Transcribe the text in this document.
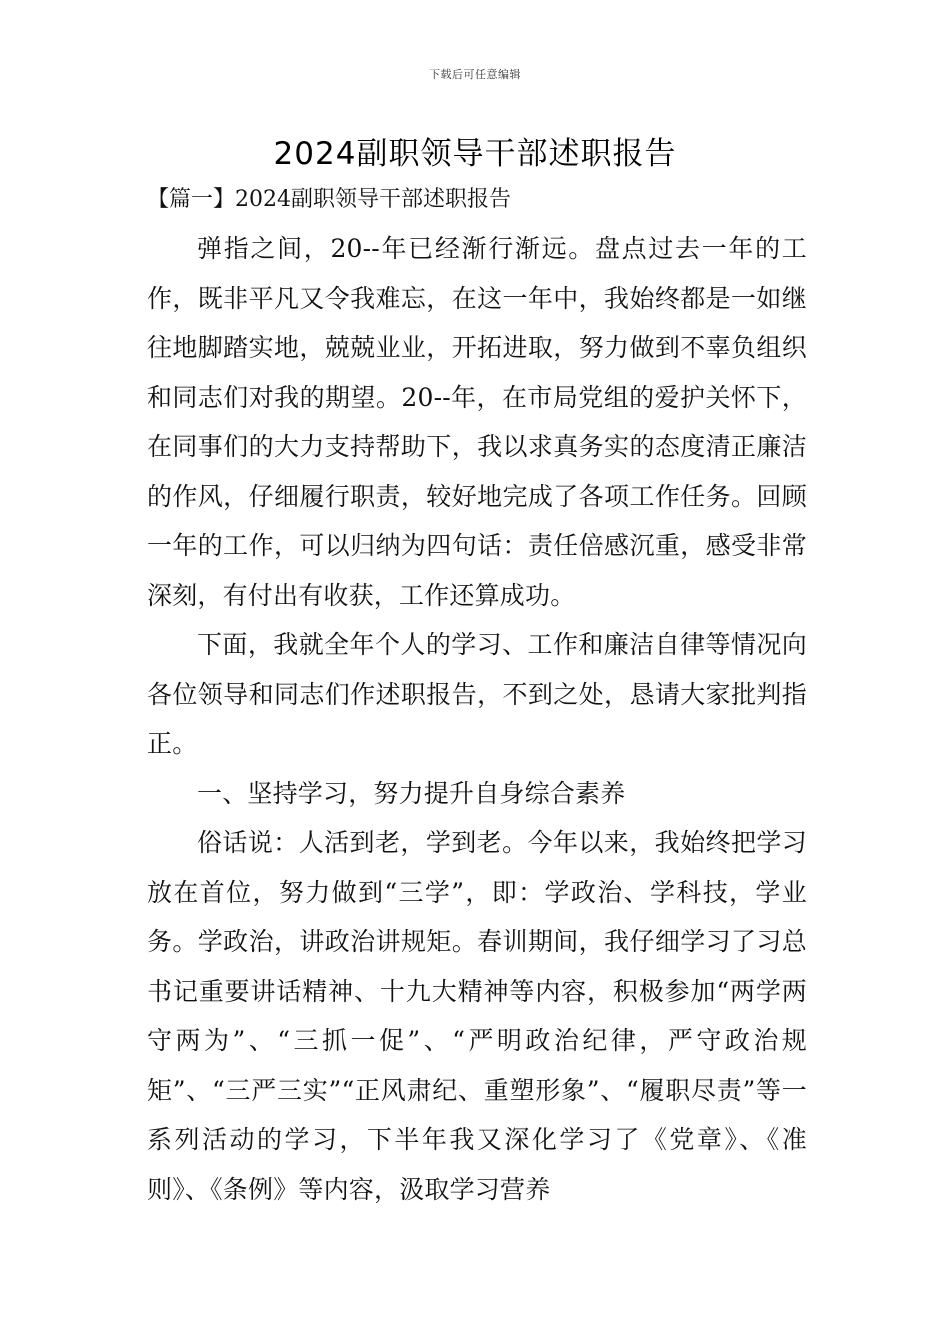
下载后可任意编辑
2024副职领导干部述职报告

【篇一】2024副职领导干部述职报告

弹指之间，20--年已经渐行渐远。盘点过去一年的工作，既非平凡又令我难忘，在这一年中，我始终都是一如继往地脚踏实地，兢兢业业，开拓进取，努力做到不辜负组织和同志们对我的期望。20--年，在市局党组的爱护关怀下，在同事们的大力支持帮助下，我以求真务实的态度清正廉洁的作风，仔细履行职责，较好地完成了各项工作任务。回顾一年的工作，可以归纳为四句话：责任倍感沉重，感受非常深刻，有付出有收获，工作还算成功。

下面，我就全年个人的学习、工作和廉洁自律等情况向各位领导和同志们作述职报告，不到之处，恳请大家批判指正。

一、坚持学习，努力提升自身综合素养

俗话说：人活到老，学到老。今年以来，我始终把学习放在首位，努力做到“三学”，即：学政治、学科技，学业务。学政治，讲政治讲规矩。春训期间，我仔细学习了习总书记重要讲话精神、十九大精神等内容，积极参加“两学两守两为”、“三抓一促”、“严明政治纪律，严守政治规矩”、“三严三实”“正风肃纪、重塑形象”、“履职尽责”等一系列活动的学习，下半年我又深化学习了《党章》、《准则》、《条例》等内容，汲取学习营养
